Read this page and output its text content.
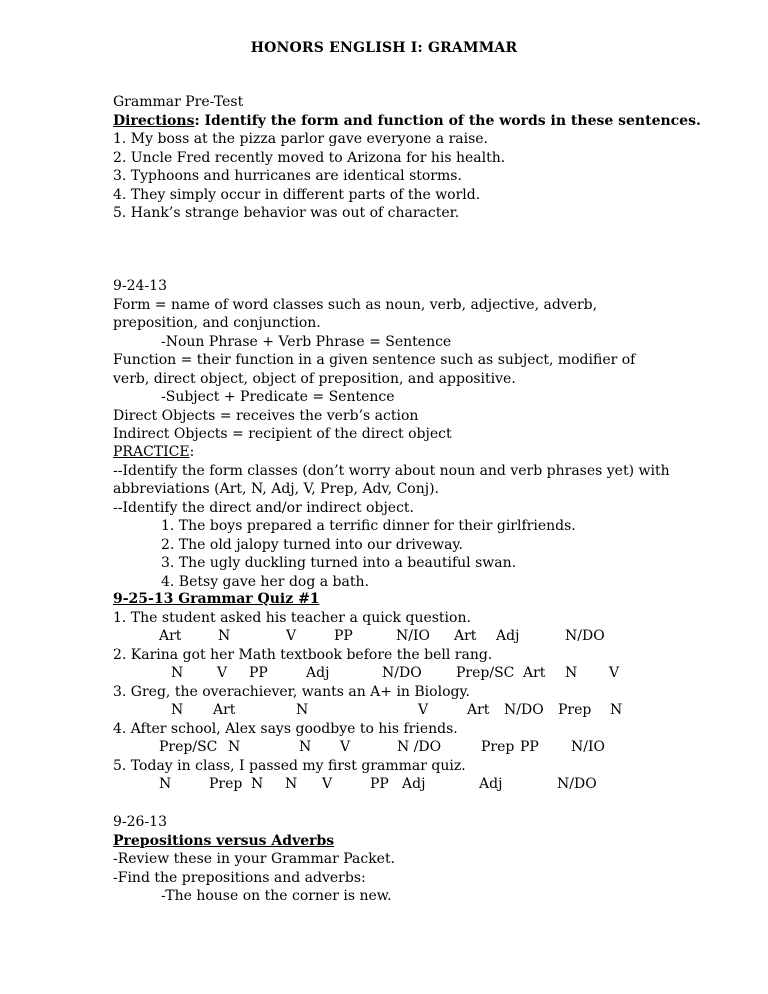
HONORS ENGLISH I: GRAMMAR
Grammar Pre-Test
Directions: Identify the form and function of the words in these sentences.
1. My boss at the pizza parlor gave everyone a raise.
2. Uncle Fred recently moved to Arizona for his health.
3. Typhoons and hurricanes are identical storms.
4. They simply occur in different parts of the world.
5. Hank’s strange behavior was out of character.
9-24-13
Form = name of word classes such as noun, verb, adjective, adverb, preposition, and conjunction.
-Noun Phrase + Verb Phrase = Sentence
Function = their function in a given sentence such as subject, modifier of verb, direct object, object of preposition, and appositive.
-Subject + Predicate = Sentence
Direct Objects = receives the verb’s action
Indirect Objects = recipient of the direct object
PRACTICE:
--Identify the form classes (don’t worry about noun and verb phrases yet) with abbreviations (Art, N, Adj, V, Prep, Adv, Conj).
--Identify the direct and/or indirect object.
1. The boys prepared a terrific dinner for their girlfriends.
2. The old jalopy turned into our driveway.
3. The ugly duckling turned into a beautiful swan.
4. Betsy gave her dog a bath.
9-25-13 Grammar Quiz #1
1. The student asked his teacher a quick question.
Art	N	V	PP	N/IO Art Adj	N/DO
2. Karina got her Math textbook before the bell rang.
N V PP	Adj	N/DO Prep/SC Art N V
3. Greg, the overachiever, wants an A+ in Biology.
N Art	N	V	Art N/DO Prep N
4. After school, Alex says goodbye to his friends.
Prep/SC N	N V	N /DO	Prep PP N/IO
5. Today in class, I passed my first grammar quiz.
N	Prep N N V	PP Adj	Adj	N/DO
9-26-13
Prepositions versus Adverbs
-Review these in your Grammar Packet.
-Find the prepositions and adverbs:
-The house on the corner is new.
